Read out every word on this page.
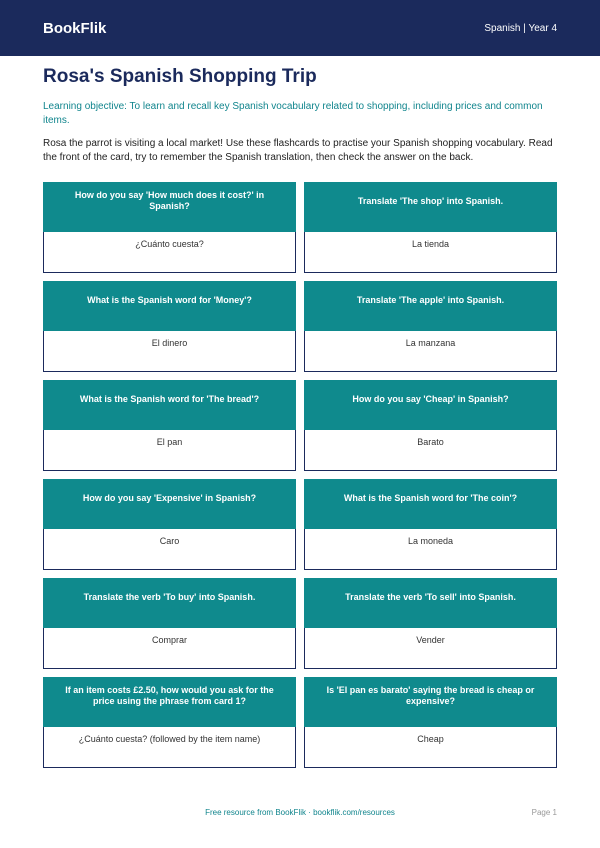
BookFlik	Spanish | Year 4
Rosa's Spanish Shopping Trip

Learning objective: To learn and recall key Spanish vocabulary related to shopping, including prices and common items.

Rosa the parrot is visiting a local market! Use these flashcards to practise your Spanish shopping vocabulary. Read the front of the card, try to remember the Spanish translation, then check the answer on the back.

How do you say 'How much does it cost?' in Spanish?
¿Cuánto cuesta?
Translate 'The shop' into Spanish.
La tienda
What is the Spanish word for 'Money'?
El dinero
Translate 'The apple' into Spanish.
La manzana
What is the Spanish word for 'The bread'?
El pan
How do you say 'Cheap' in Spanish?
Barato
How do you say 'Expensive' in Spanish?
Caro
What is the Spanish word for 'The coin'?
La moneda
Translate the verb 'To buy' into Spanish.
Comprar
Translate the verb 'To sell' into Spanish.
Vender
If an item costs £2.50, how would you ask for the price using the phrase from card 1?
¿Cuánto cuesta? (followed by the item name)
Is 'El pan es barato' saying the bread is cheap or expensive?
Cheap
Free resource from BookFlik · bookflik.com/resources	Page 1
